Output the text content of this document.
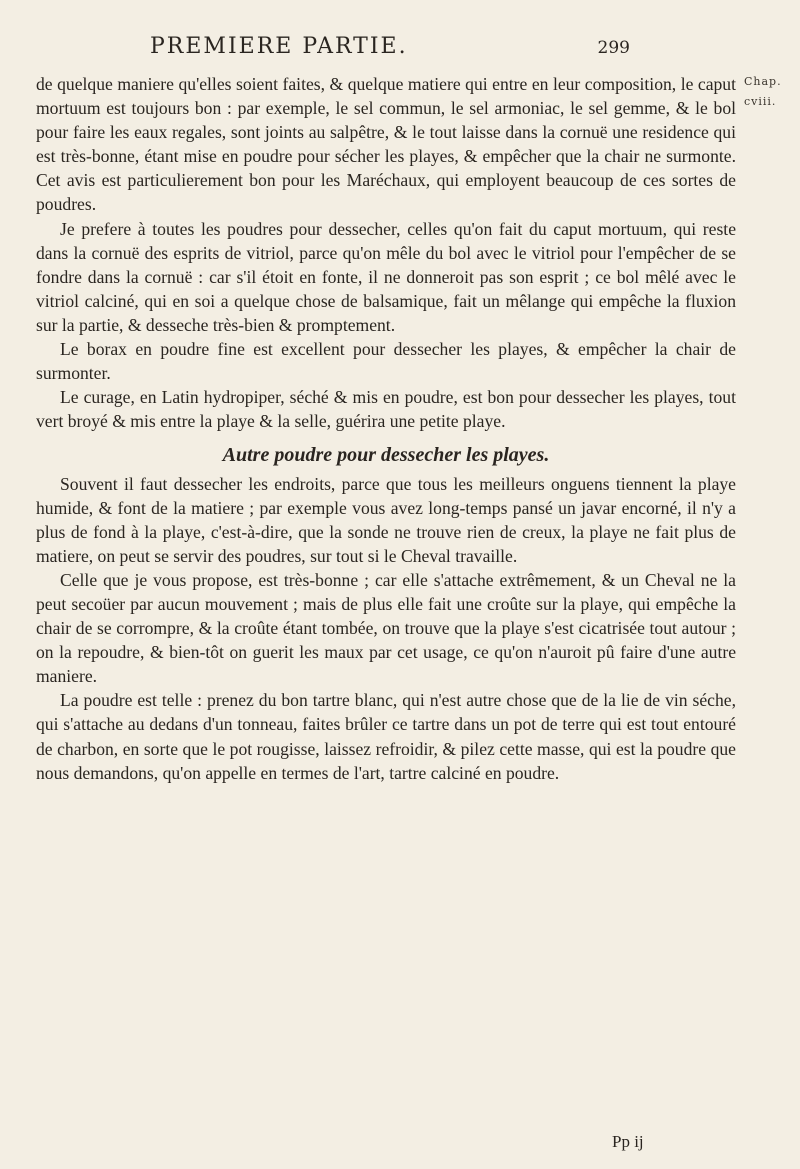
PREMIERE PARTIE.	299
Chap.
cviii.

de quelque maniere qu'elles soient faites, & quelque matiere qui entre en leur composition, le caput mortuum est toujours bon : par exemple, le sel commun, le sel armoniac, le sel gemme, & le bol pour faire les eaux regales, sont joints au salpêtre, & le tout laisse dans la cornuë une residence qui est très-bonne, étant mise en poudre pour sécher les playes, & empêcher que la chair ne surmonte. Cet avis est particulierement bon pour les Maréchaux, qui employent beaucoup de ces sortes de poudres.

Je prefere à toutes les poudres pour dessecher, celles qu'on fait du caput mortuum, qui reste dans la cornuë des esprits de vitriol, parce qu'on mêle du bol avec le vitriol pour l'empêcher de se fondre dans la cornuë : car s'il étoit en fonte, il ne donneroit pas son esprit ; ce bol mêlé avec le vitriol calciné, qui en soi a quelque chose de balsamique, fait un mêlange qui empêche la fluxion sur la partie, & desseche très-bien & promptement.

Le borax en poudre fine est excellent pour dessecher les playes, & empêcher la chair de surmonter.

Le curage, en Latin hydropiper, séché & mis en poudre, est bon pour dessecher les playes, tout vert broyé & mis entre la playe & la selle, guérira une petite playe.

Autre poudre pour dessecher les playes.

Souvent il faut dessecher les endroits, parce que tous les meilleurs onguens tiennent la playe humide, & font de la matiere ; par exemple vous avez long-temps pansé un javar encorné, il n'y a plus de fond à la playe, c'est-à-dire, que la sonde ne trouve rien de creux, la playe ne fait plus de matiere, on peut se servir des poudres, sur tout si le Cheval travaille.

Celle que je vous propose, est très-bonne ; car elle s'attache extrêmement, & un Cheval ne la peut secoüer par aucun mouvement ; mais de plus elle fait une croûte sur la playe, qui empêche la chair de se corrompre, & la croûte étant tombée, on trouve que la playe s'est cicatrisée tout autour ; on la repoudre, & bien-tôt on guerit les maux par cet usage, ce qu'on n'auroit pû faire d'une autre maniere.

La poudre est telle : prenez du bon tartre blanc, qui n'est autre chose que de la lie de vin séche, qui s'attache au dedans d'un tonneau, faites brûler ce tartre dans un pot de terre qui est tout entouré de charbon, en sorte que le pot rougisse, laissez refroidir, & pilez cette masse, qui est la poudre que nous demandons, qu'on appelle en termes de l'art, tartre calciné en poudre.

Pp ij
